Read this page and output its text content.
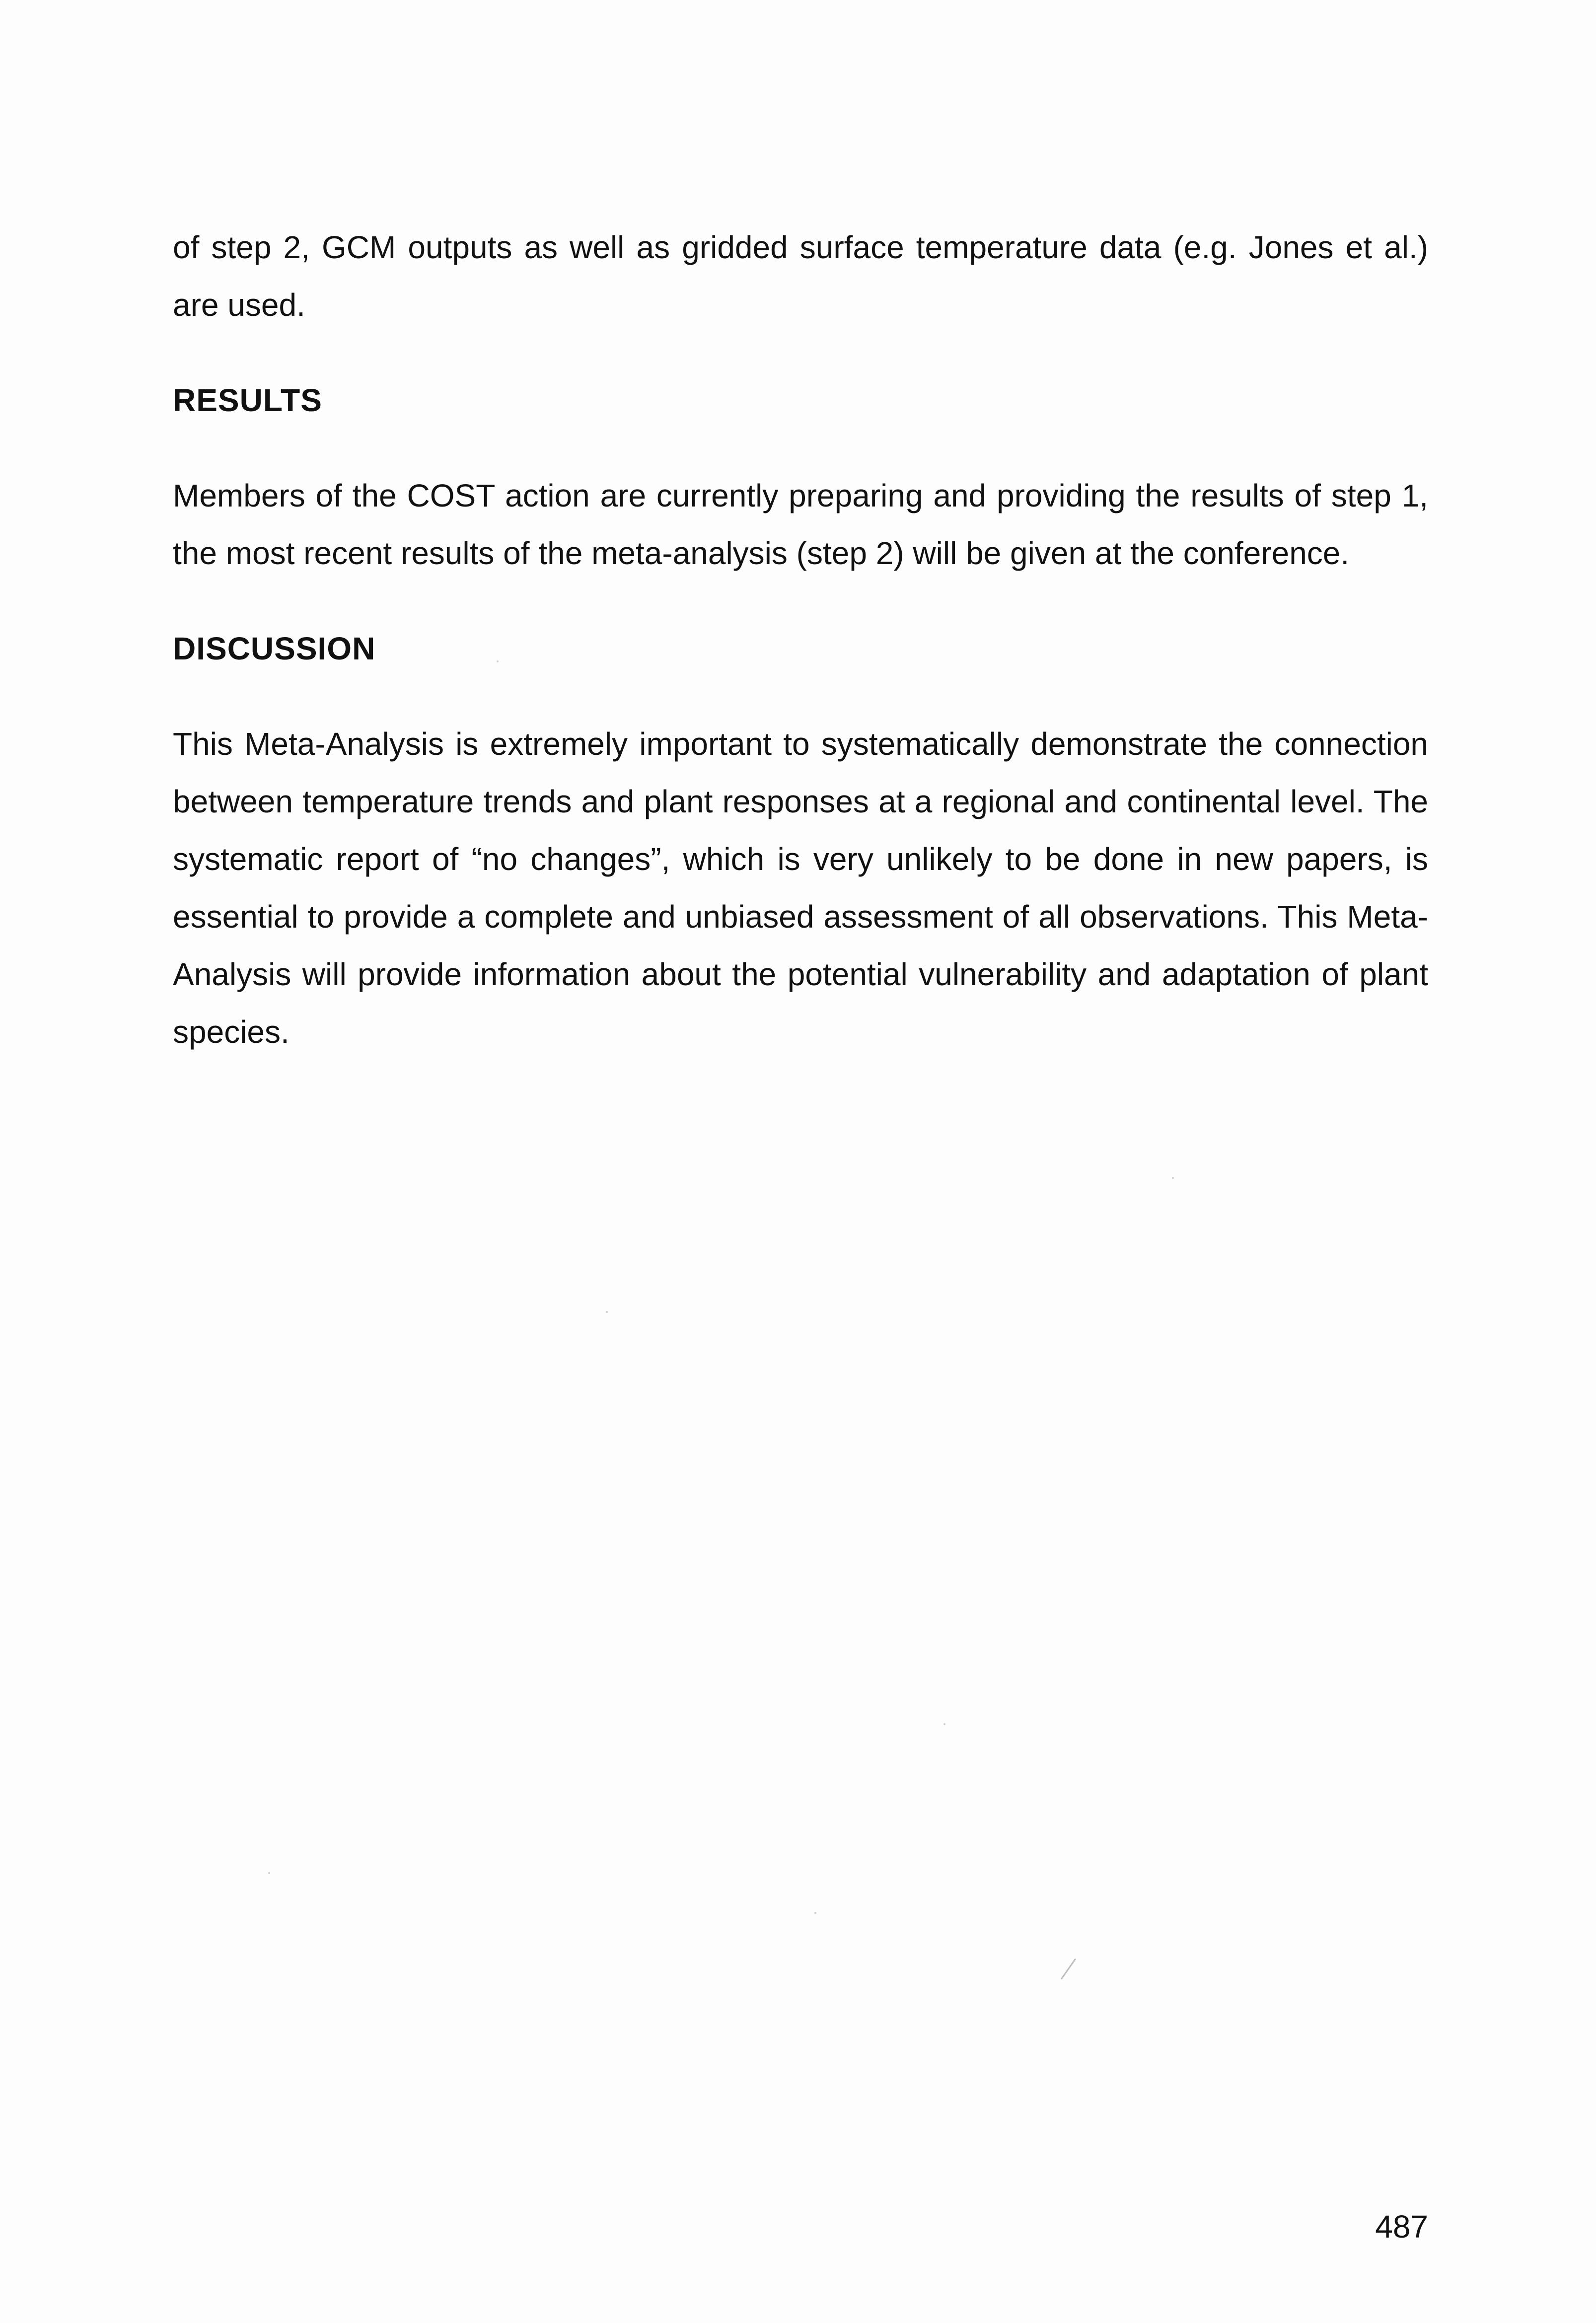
of step 2, GCM outputs as well as gridded surface temperature data (e.g. Jones et al.) are used.

RESULTS

Members of the COST action are currently preparing and providing the results of step 1, the most recent results of the meta-analysis (step 2) will be given at the conference.

DISCUSSION

This Meta-Analysis is extremely important to systematically demonstrate the connection between temperature trends and plant responses at a regional and continental level. The systematic report of “no changes”, which is very unlikely to be done in new papers, is essential to provide a complete and unbiased assessment of all observations. This Meta-Analysis will provide information about the potential vulnerability and adaptation of plant species.

487
